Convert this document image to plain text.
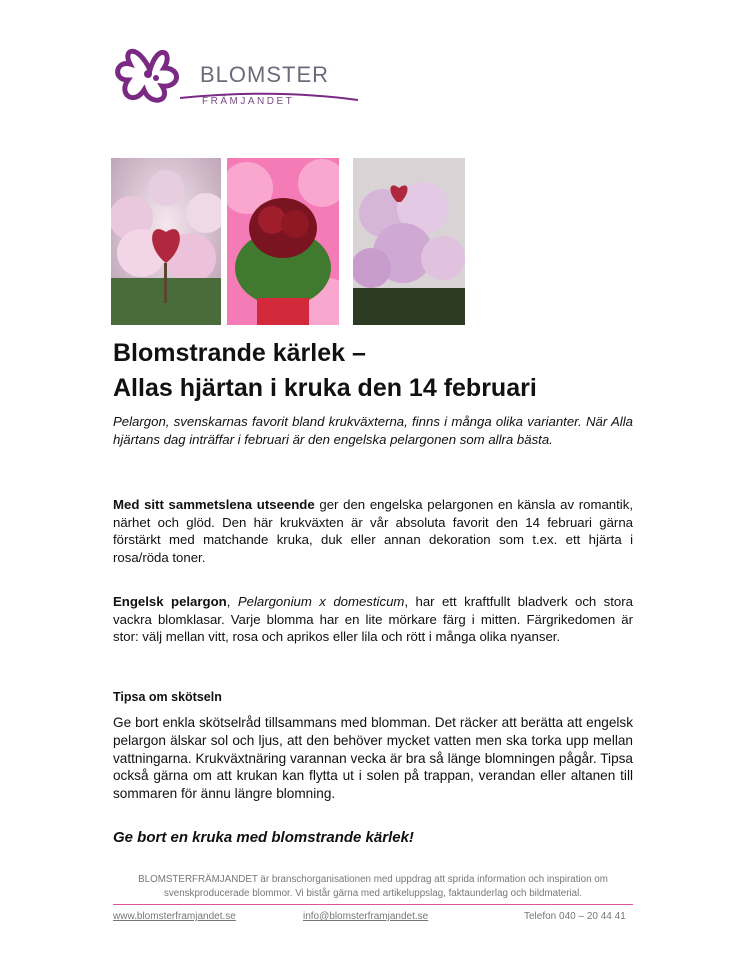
BLOMSTER
FRÄMJANDET
Blomstrande kärlek –
Allas hjärtan i kruka den 14 februari

Pelargon, svenskarnas favorit bland krukväxterna, finns i många olika varianter. När Alla hjärtans dag inträffar i februari är den engelska pelargonen som allra bästa.

Med sitt sammetslena utseende ger den engelska pelargonen en känsla av romantik, närhet och glöd. Den här krukväxten är vår absoluta favorit den 14 februari gärna förstärkt med matchande kruka, duk eller annan dekoration som t.ex. ett hjärta i rosa/röda toner.

Engelsk pelargon, Pelargonium x domesticum, har ett kraftfullt bladverk och stora vackra blomklasar. Varje blomma har en lite mörkare färg i mitten. Färgrikedomen är stor: välj mellan vitt, rosa och aprikos eller lila och rött i många olika nyanser.

Tipsa om skötseln

Ge bort enkla skötselråd tillsammans med blomman. Det räcker att berätta att engelsk pelargon älskar sol och ljus, att den behöver mycket vatten men ska torka upp mellan vattningarna. Krukväxtnäring varannan vecka är bra så länge blomningen pågår. Tipsa också gärna om att krukan kan flytta ut i solen på trappan, verandan eller altanen till sommaren för ännu längre blomning.

Ge bort en kruka med blomstrande kärlek!
BLOMSTERFRÄMJANDET är branschorganisationen med uppdrag att sprida information och inspiration om svenskproducerade blommor. Vi bistår gärna med artikeluppslag, faktaunderlag och bildmaterial.
www.blomsterframjandet.se	info@blomsterframjandet.se	Telefon 040 – 20 44 41
